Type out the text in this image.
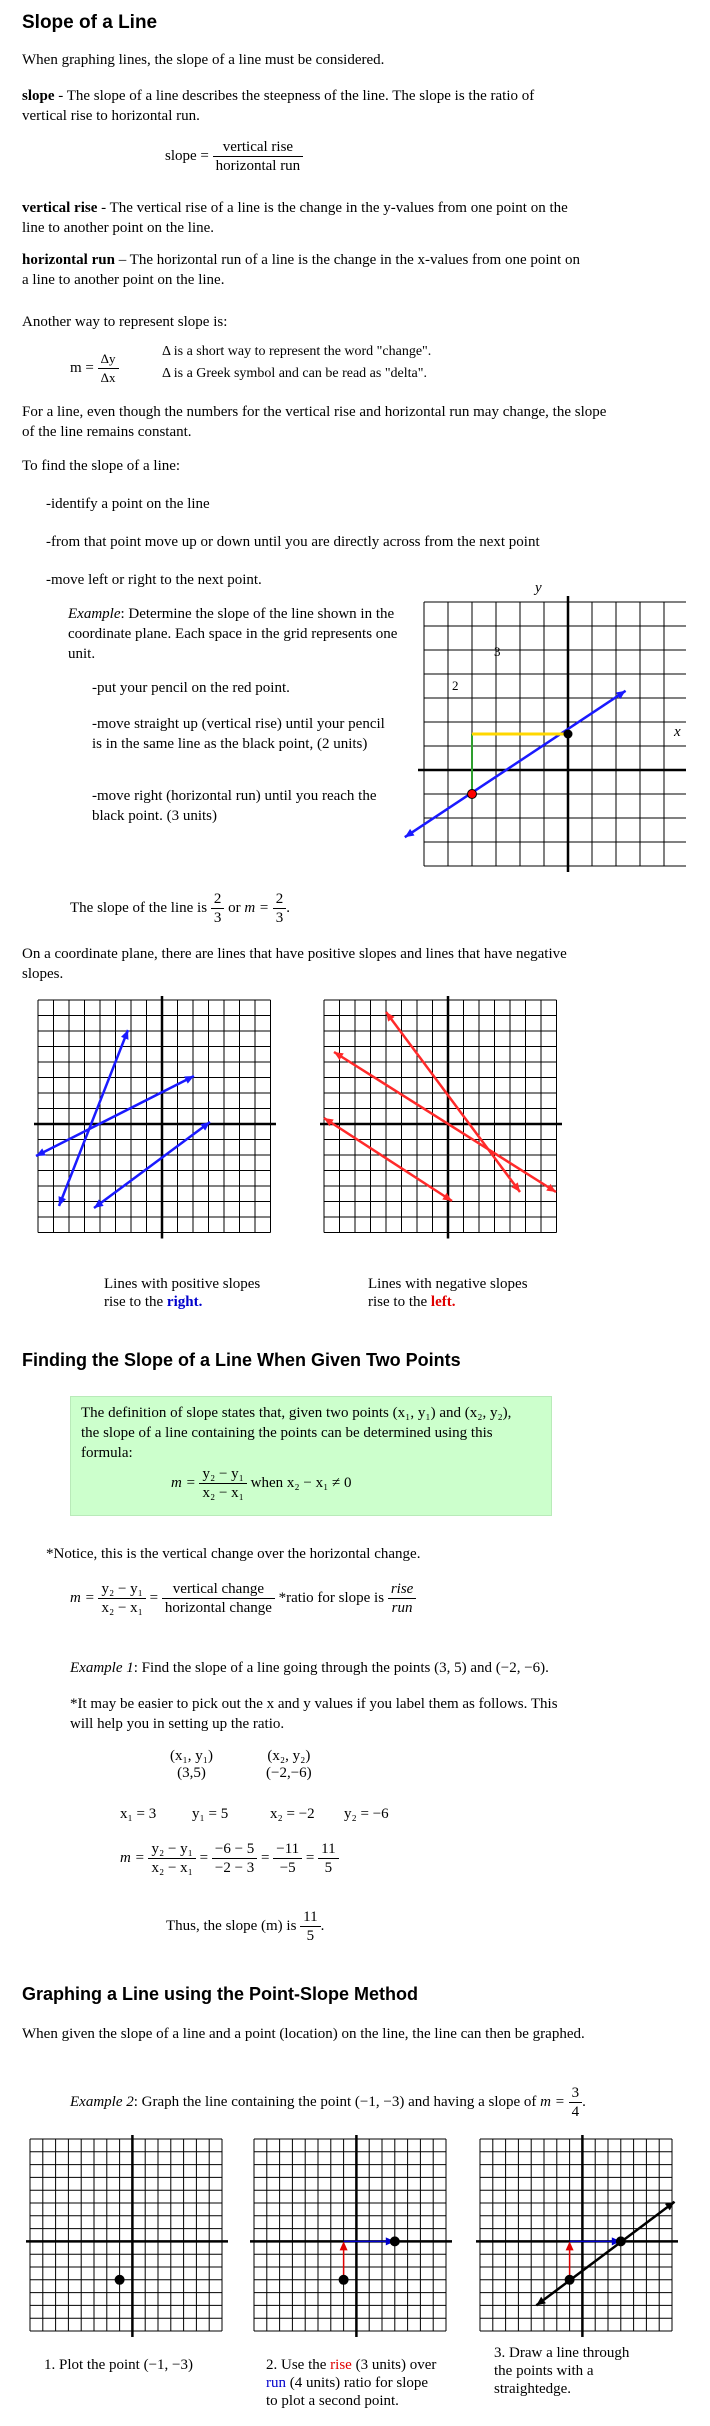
Slope of a Line

When graphing lines, the slope of a line must be considered.

slope - The slope of a line describes the steepness of the line. The slope is the ratio of vertical rise to horizontal run.

slope = $\frac{\text{vertical rise}}{\text{horizontal run}}$

vertical rise - The vertical rise of a line is the change in the y-values from one point on the line to another point on the line.

horizontal run – The horizontal run of a line is the change in the x-values from one point on a line to another point on the line.

Another way to represent slope is:

$m = \frac{\Delta y}{\Delta x}$	Δ is a short way to represent the word "change".

Δ is a Greek symbol and can be read as "delta".

For a line, even though the numbers for the vertical rise and horizontal run may change, the slope of the line remains constant.

To find the slope of a line:

-identify a point on the line

-from that point move up or down until you are directly across from the next point

-move left or right to the next point.

Example: Determine the slope of the line shown in the coordinate plane. Each space in the grid represents one unit.

-put your pencil on the red point.

-move straight up (vertical rise) until your pencil is in the same line as the black point, (2 units)

-move right (horizontal run) until you reach the black point. (3 units)

y
x
2
3
The slope of the line is $\frac{2}{3}$ or $m = \frac{2}{3}$ .

On a coordinate plane, there are lines that have positive slopes and lines that have negative slopes.

Lines with positive slopes
rise to the right.
Lines with negative slopes
rise to the left.
Finding the Slope of a Line When Given Two Points

The definition of slope states that, given two points (x₁, y₁) and (x₂, y₂),

the slope of a line containing the points can be determined using this

formula:

$m = \frac{\text{y₂ − y₁}}{\text{x₂ − x₁}}$ when x₂ − x₁ ≠ 0

*Notice, this is the vertical change over the horizontal change.

$m = \frac{\text{y₂ − y₁}}{\text{x₂ − x₁}} = \frac{\text{vertical change}}{\text{horizontal change}}$ *ratio for slope is $\frac{\text{rise}}{\text{run}}$

Example 1: Find the slope of a line going through the points (3, 5) and (−2, −6).

*It may be easier to pick out the x and y values if you label them as follows. This

will help you in setting up the ratio.

(x₁, y₁)
(3,5)
(x₂, y₂)
(−2,−6)
x₁ = 3 y₁ = 5	x₂ = −2 y₂ = −6
$m = \frac{\text{y₂ − y₁}}{\text{x₂ − x₁}} = \frac{-6 - 5}{-2 - 3} = \frac{-11}{-5} = \frac{11}{5}$
Thus, the slope (m) is $\frac{11}{5}$ .
Graphing a Line using the Point-Slope Method

When given the slope of a line and a point (location) on the line, the line can then be graphed.

Example 2: Graph the line containing the point (−1, −3) and having a slope of $m = \frac{3}{4}$ .
1. Plot the point (−1, −3)	2. Use the rise (3 units) over
run (4 units) ratio for slope
to plot a second point.
3. Draw a line through
the points with a
straightedge.
